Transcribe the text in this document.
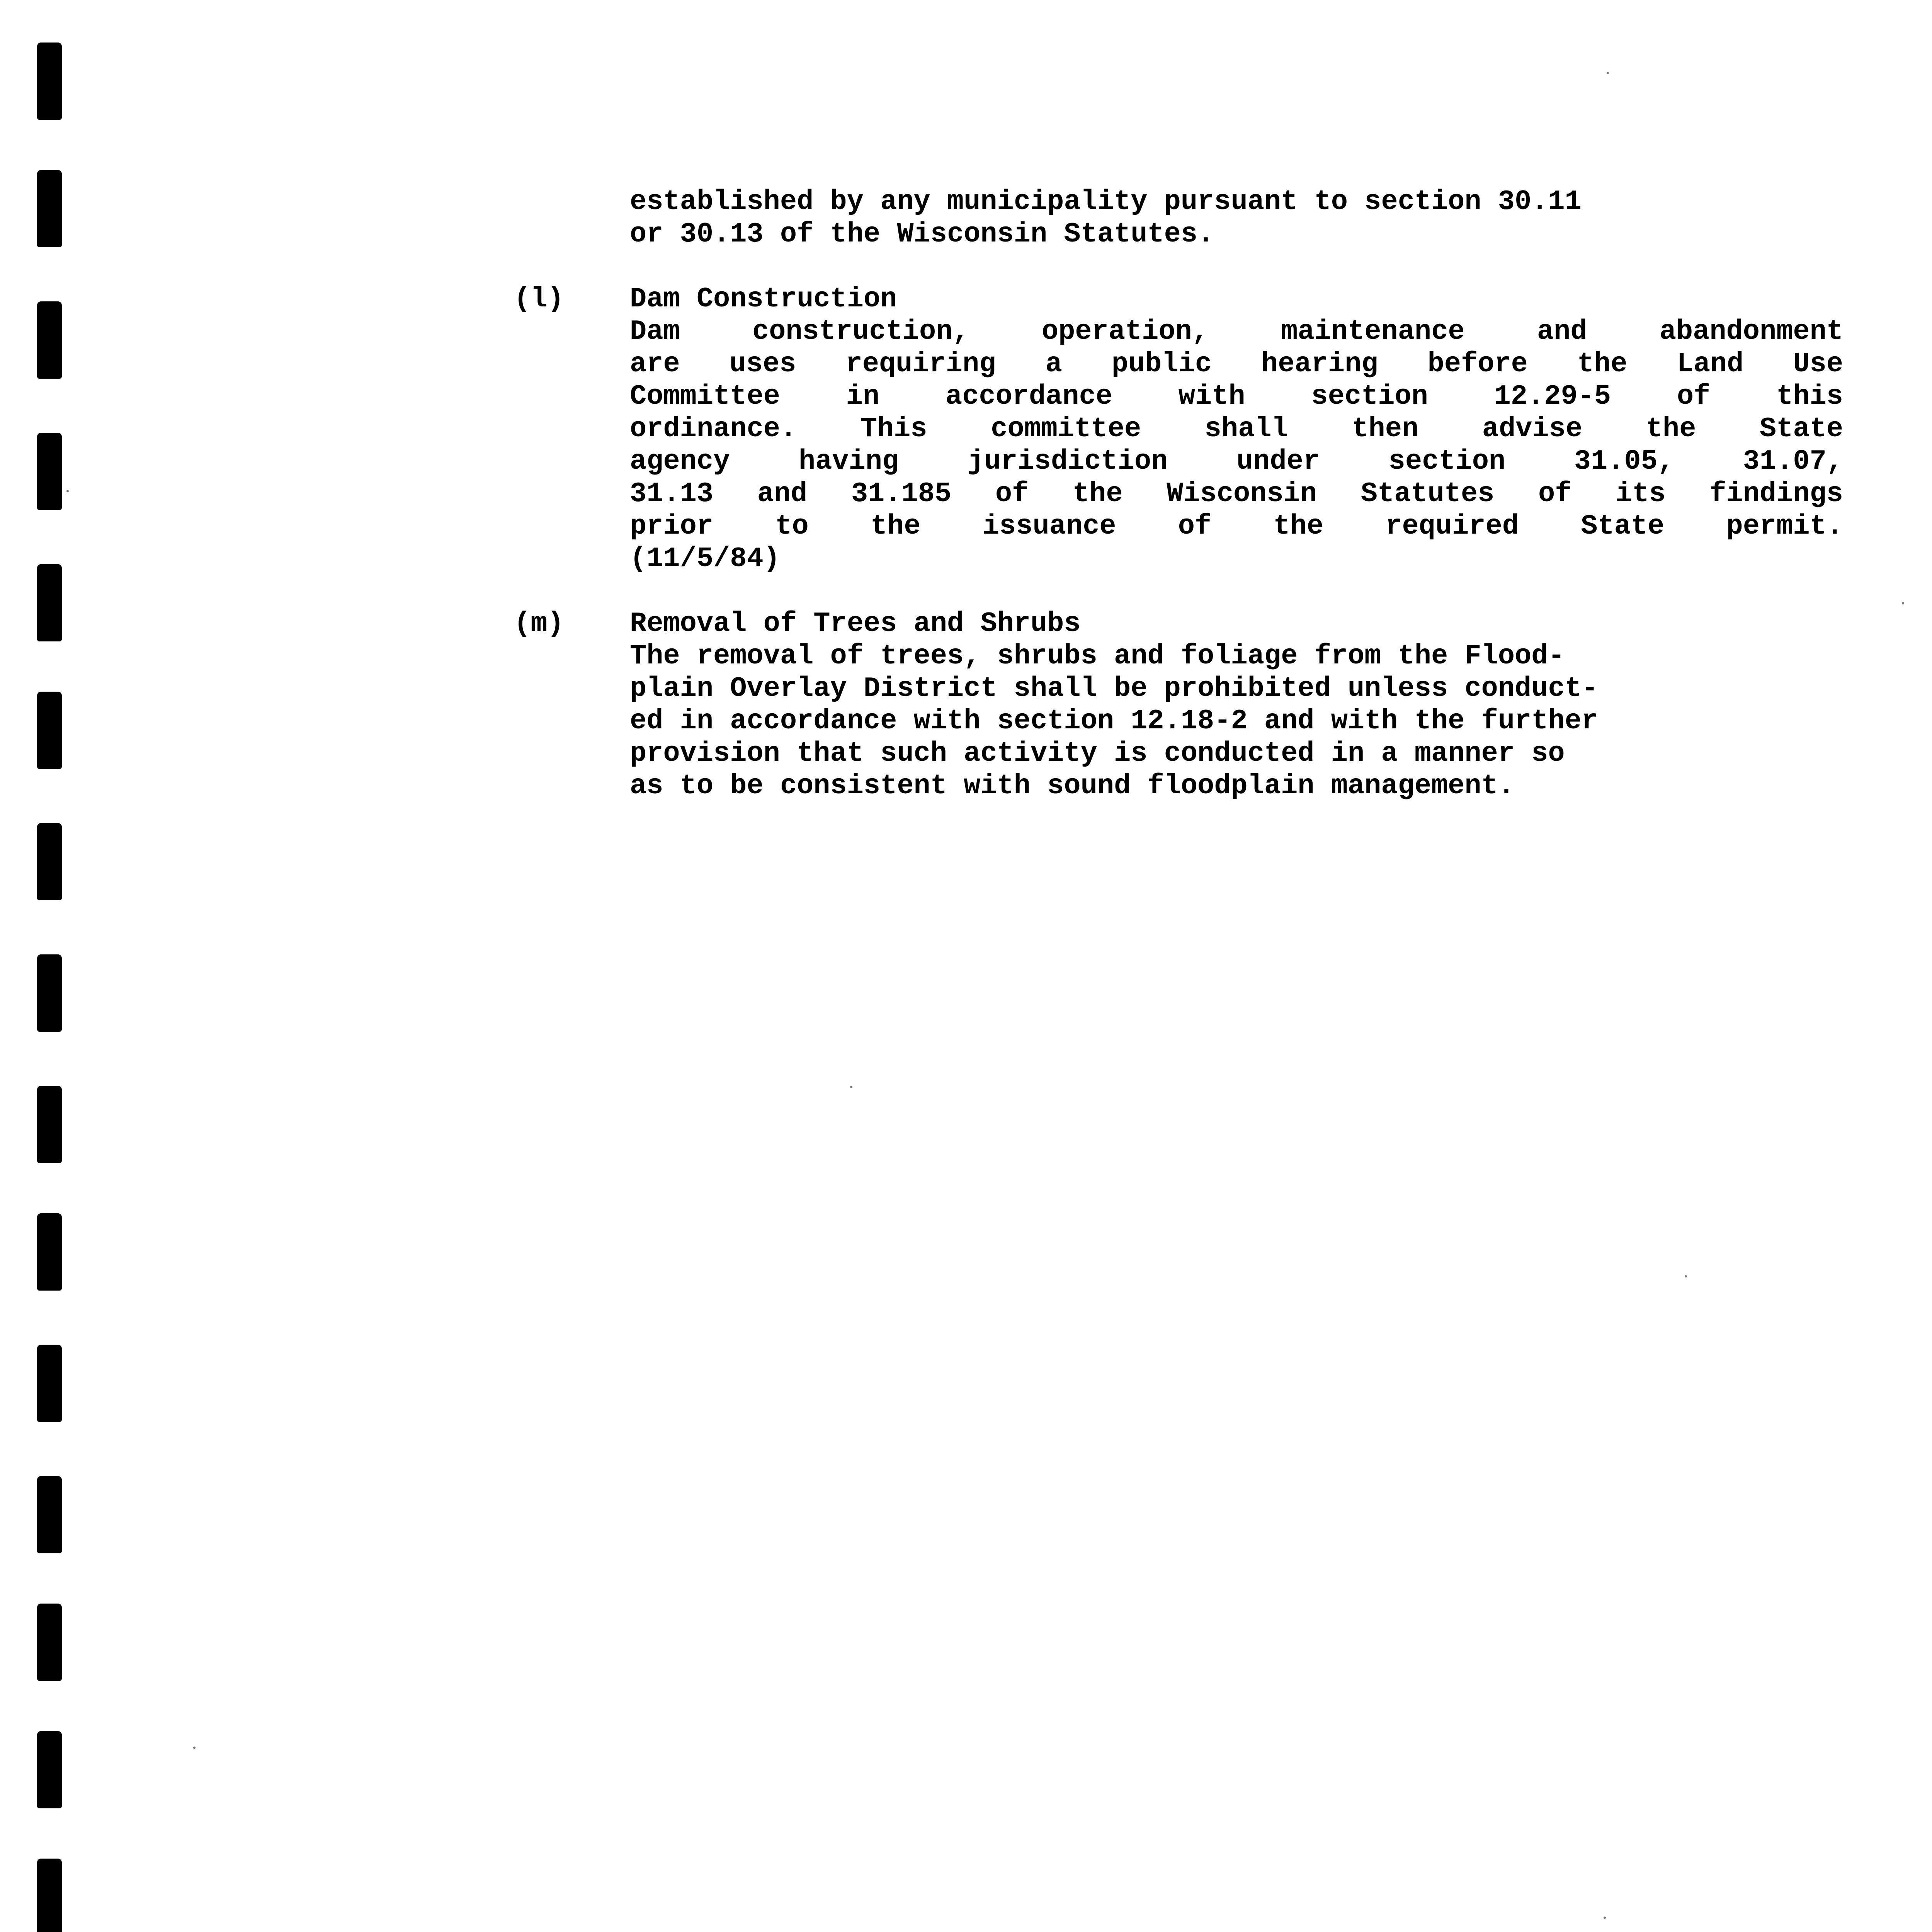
established by any municipality pursuant to section 30.11
or 30.13 of the Wisconsin Statutes.
(l)	Dam Construction
Dam	construction,	operation,	maintenance	and	abandonment
are uses requiring a public hearing before the Land Use
Committee in accordance with section 12.29-5 of this
ordinance. This committee shall then advise the State
agency having jurisdiction under section 31.05, 31.07,
31.13 and 31.185 of the Wisconsin Statutes of its findings
prior to the issuance of the required State permit.
(11/5/84)
(m)	Removal of Trees and Shrubs
The removal of trees, shrubs and foliage from the Flood-
plain Overlay District shall be prohibited unless conduct-
ed in accordance with section 12.18-2 and with the further
provision that such activity is conducted in a manner so
as to be consistent with sound floodplain management.
